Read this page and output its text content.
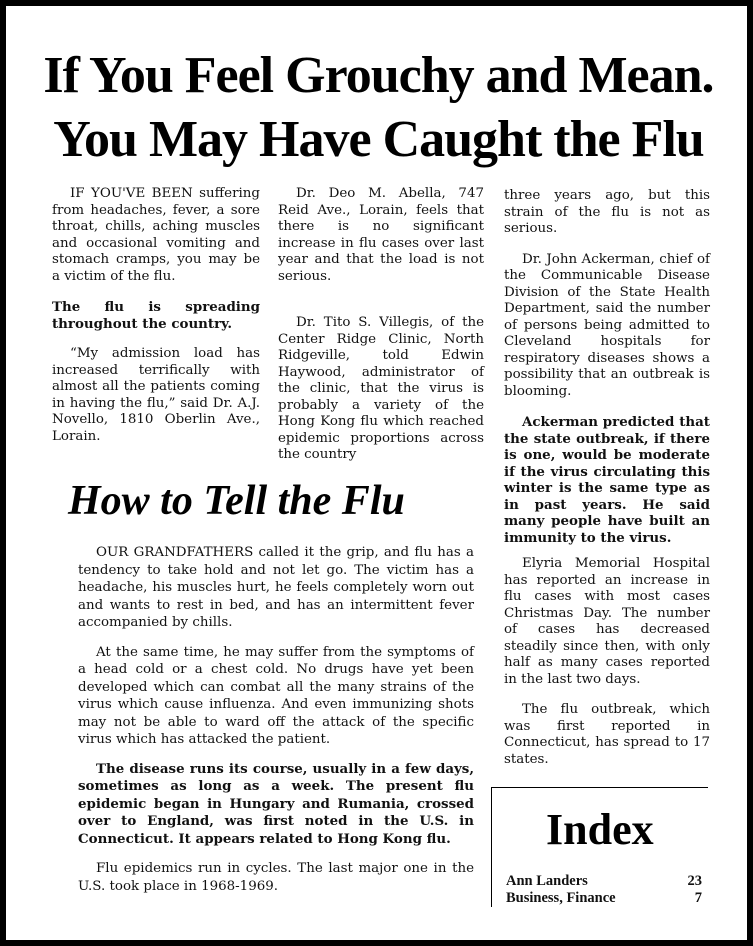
If You Feel Grouchy and Mean.
You May Have Caught the Flu

IF YOU'VE BEEN suffering from headaches, fever, a sore throat, chills, aching muscles and occasional vomiting and stomach cramps, you may be a victim of the flu.

The flu is spreading throughout the country.

“My admission load has increased terrifically with almost all the patients coming in having the flu,” said Dr. A.J. Novello, 1810 Oberlin Ave., Lorain.

Dr. Deo M. Abella, 747 Reid Ave., Lorain, feels that there is no significant increase in flu cases over last year and that the load is not serious.

Dr. Tito S. Villegis, of the Center Ridge Clinic, North Ridgeville, told Edwin Haywood, administrator of the clinic, that the virus is probably a variety of the Hong Kong flu which reached epidemic proportions across the country

three years ago, but this strain of the flu is not as serious.

Dr. John Ackerman, chief of the Communicable Disease Division of the State Health Department, said the number of persons being admitted to Cleveland hospitals for respiratory diseases shows a possibility that an outbreak is blooming.

Ackerman predicted that the state outbreak, if there is one, would be moderate if the virus circulating this winter is the same type as in past years. He said many people have built an immunity to the virus.

Elyria Memorial Hospital has reported an increase in flu cases with most cases Christmas Day. The number of cases has decreased steadily since then, with only half as many cases reported in the last two days.

The flu outbreak, which was first reported in Connecticut, has spread to 17 states.

How to Tell the Flu

OUR GRANDFATHERS called it the grip, and flu has a tendency to take hold and not let go. The victim has a headache, his muscles hurt, he feels completely worn out and wants to rest in bed, and has an intermittent fever accompanied by chills.

At the same time, he may suffer from the symptoms of a head cold or a chest cold. No drugs have yet been developed which can combat all the many strains of the virus which cause influenza. And even immunizing shots may not be able to ward off the attack of the specific virus which has attacked the patient.

The disease runs its course, usually in a few days, sometimes as long as a week. The present flu epidemic began in Hungary and Rumania, crossed over to England, was first noted in the U.S. in Connecticut. It appears related to Hong Kong flu.

Flu epidemics run in cycles. The last major one in the U.S. took place in 1968-1969.

Index
Ann Landers	23
Business, Finance	7
